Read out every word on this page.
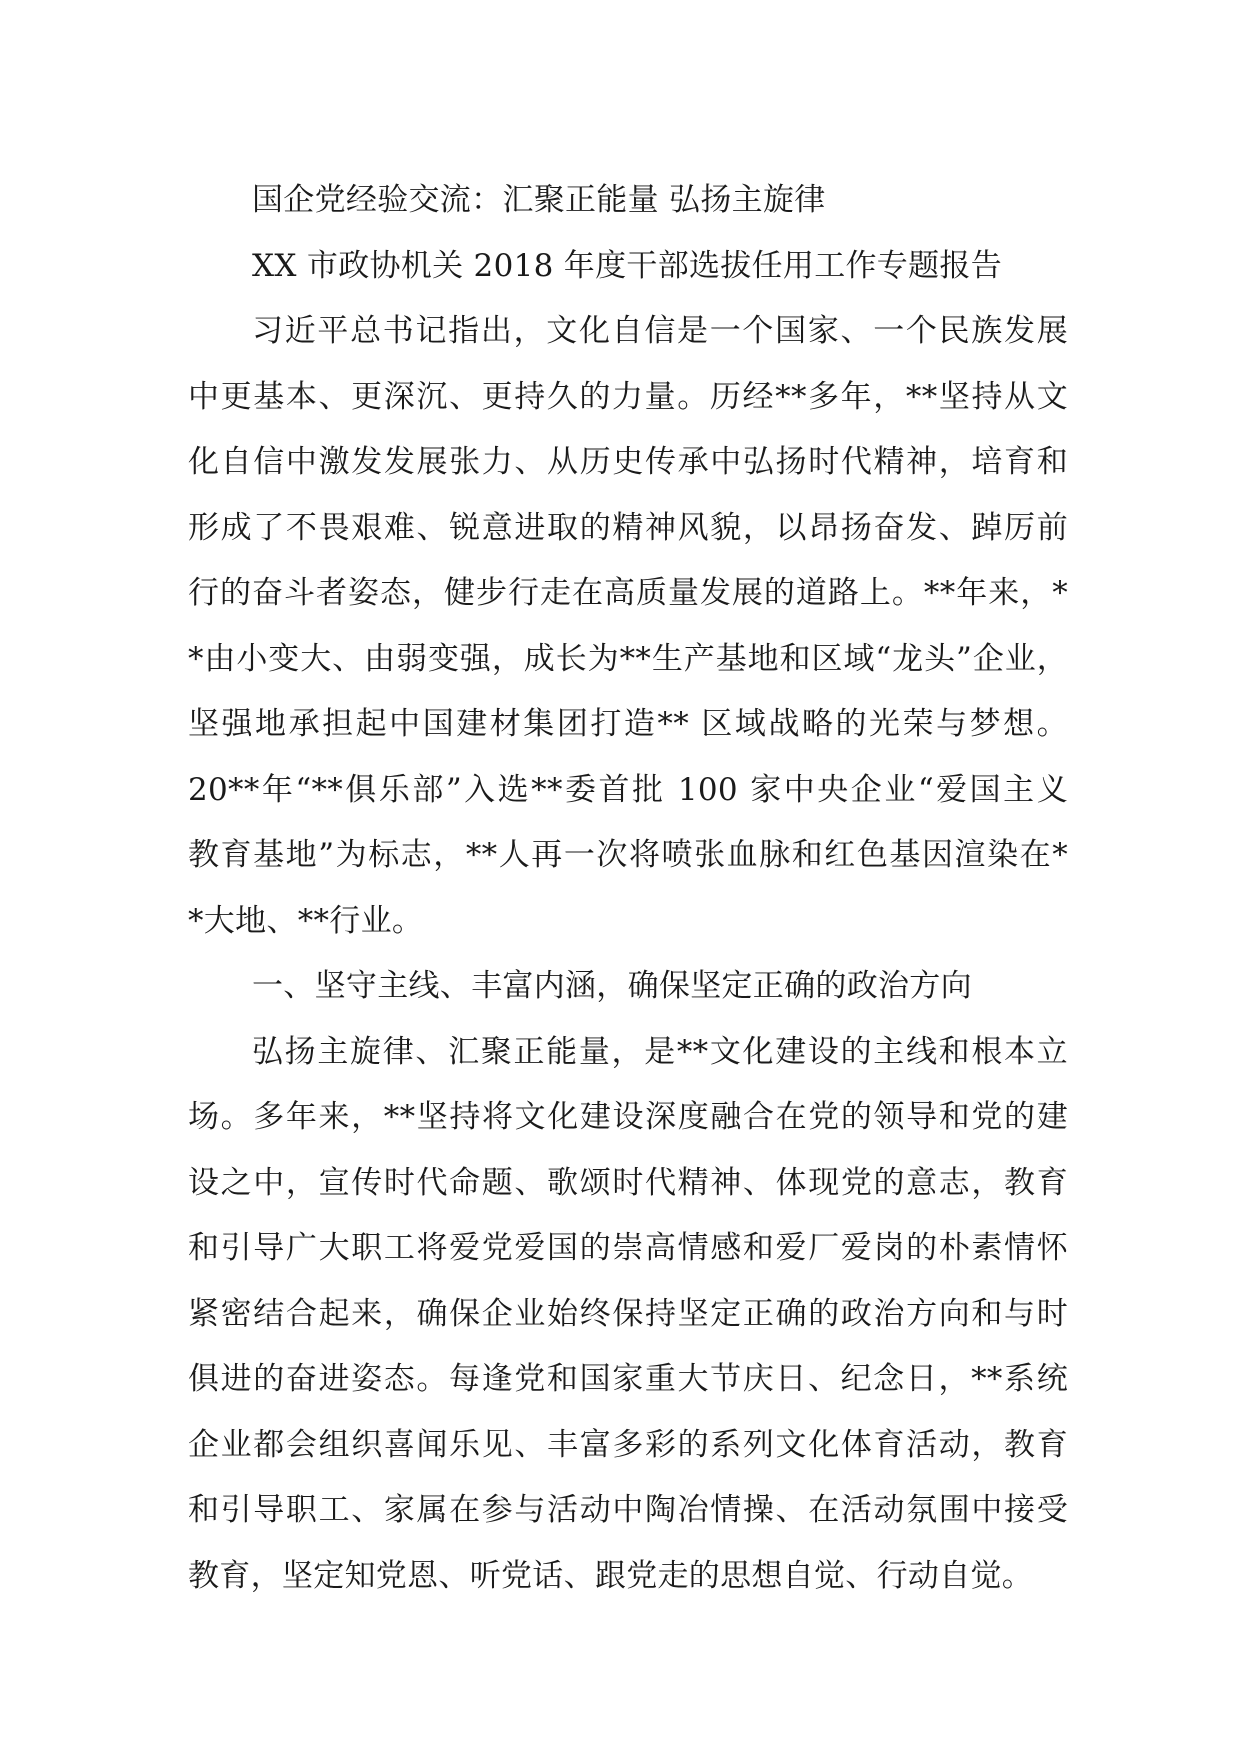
国企党经验交流：汇聚正能量 弘扬主旋律
XX 市政协机关 2018 年度干部选拔任用工作专题报告
习近平总书记指出，文化自信是一个国家、一个民族发展
中更基本、更深沉、更持久的力量。历经**多年，**坚持从文
化自信中激发发展张力、从历史传承中弘扬时代精神，培育和
形成了不畏艰难、锐意进取的精神风貌，以昂扬奋发、踔厉前
行的奋斗者姿态，健步行走在高质量发展的道路上。**年来，*
*由小变大、由弱变强，成长为**生产基地和区域“龙头”企业，
坚强地承担起中国建材集团打造** 区域战略的光荣与梦想。
20**年“**俱乐部”入选**委首批 100 家中央企业“爱国主义
教育基地”为标志，**人再一次将喷张血脉和红色基因渲染在*
*大地、**行业。
一、坚守主线、丰富内涵，确保坚定正确的政治方向
弘扬主旋律、汇聚正能量，是**文化建设的主线和根本立
场。多年来，**坚持将文化建设深度融合在党的领导和党的建
设之中，宣传时代命题、歌颂时代精神、体现党的意志，教育
和引导广大职工将爱党爱国的崇高情感和爱厂爱岗的朴素情怀
紧密结合起来，确保企业始终保持坚定正确的政治方向和与时
俱进的奋进姿态。每逢党和国家重大节庆日、纪念日，**系统
企业都会组织喜闻乐见、丰富多彩的系列文化体育活动，教育
和引导职工、家属在参与活动中陶冶情操、在活动氛围中接受
教育，坚定知党恩、听党话、跟党走的思想自觉、行动自觉。
